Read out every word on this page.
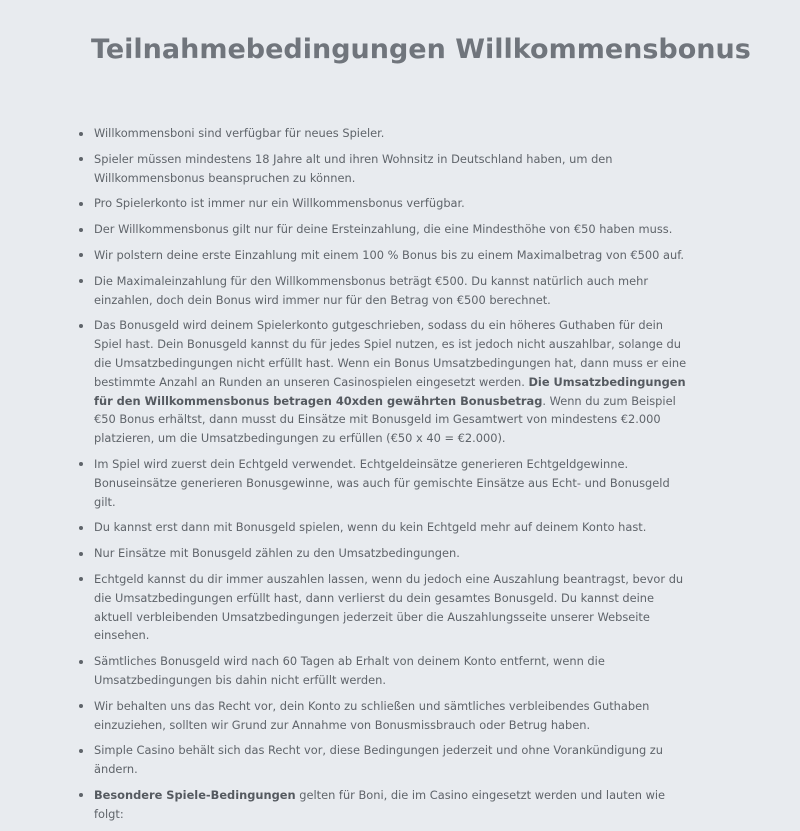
Teilnahmebedingungen Willkommensbonus
Willkommensboni sind verfügbar für neues Spieler.
Spieler müssen mindestens 18 Jahre alt und ihren Wohnsitz in Deutschland haben, um den Willkommensbonus beanspruchen zu können.
Pro Spielerkonto ist immer nur ein Willkommensbonus verfügbar.
Der Willkommensbonus gilt nur für deine Ersteinzahlung, die eine Mindesthöhe von €50 haben muss.
Wir polstern deine erste Einzahlung mit einem 100 % Bonus bis zu einem Maximalbetrag von €500 auf.
Die Maximaleinzahlung für den Willkommensbonus beträgt €500. Du kannst natürlich auch mehr einzahlen, doch dein Bonus wird immer nur für den Betrag von €500 berechnet.
Das Bonusgeld wird deinem Spielerkonto gutgeschrieben, sodass du ein höheres Guthaben für dein Spiel hast. Dein Bonusgeld kannst du für jedes Spiel nutzen, es ist jedoch nicht auszahlbar, solange du die Umsatzbedingungen nicht erfüllt hast. Wenn ein Bonus Umsatzbedingungen hat, dann muss er eine bestimmte Anzahl an Runden an unseren Casinospielen eingesetzt werden. Die Umsatzbedingungen für den Willkommensbonus betragen 40xden gewährten Bonusbetrag. Wenn du zum Beispiel €50 Bonus erhältst, dann musst du Einsätze mit Bonusgeld im Gesamtwert von mindestens €2.000 platzieren, um die Umsatzbedingungen zu erfüllen (€50 x 40 = €2.000).
Im Spiel wird zuerst dein Echtgeld verwendet. Echtgeldeinsätze generieren Echtgeldgewinne. Bonuseinsätze generieren Bonusgewinne, was auch für gemischte Einsätze aus Echt- und Bonusgeld gilt.
Du kannst erst dann mit Bonusgeld spielen, wenn du kein Echtgeld mehr auf deinem Konto hast.
Nur Einsätze mit Bonusgeld zählen zu den Umsatzbedingungen.
Echtgeld kannst du dir immer auszahlen lassen, wenn du jedoch eine Auszahlung beantragst, bevor du die Umsatzbedingungen erfüllt hast, dann verlierst du dein gesamtes Bonusgeld. Du kannst deine aktuell verbleibenden Umsatzbedingungen jederzeit über die Auszahlungsseite unserer Webseite einsehen.
Sämtliches Bonusgeld wird nach 60 Tagen ab Erhalt von deinem Konto entfernt, wenn die Umsatzbedingungen bis dahin nicht erfüllt werden.
Wir behalten uns das Recht vor, dein Konto zu schließen und sämtliches verbleibendes Guthaben einzuziehen, sollten wir Grund zur Annahme von Bonusmissbrauch oder Betrug haben.
Simple Casino behält sich das Recht vor, diese Bedingungen jederzeit und ohne Vorankündigung zu ändern.
Besondere Spiele-Bedingungen gelten für Boni, die im Casino eingesetzt werden und lauten wie folgt:
